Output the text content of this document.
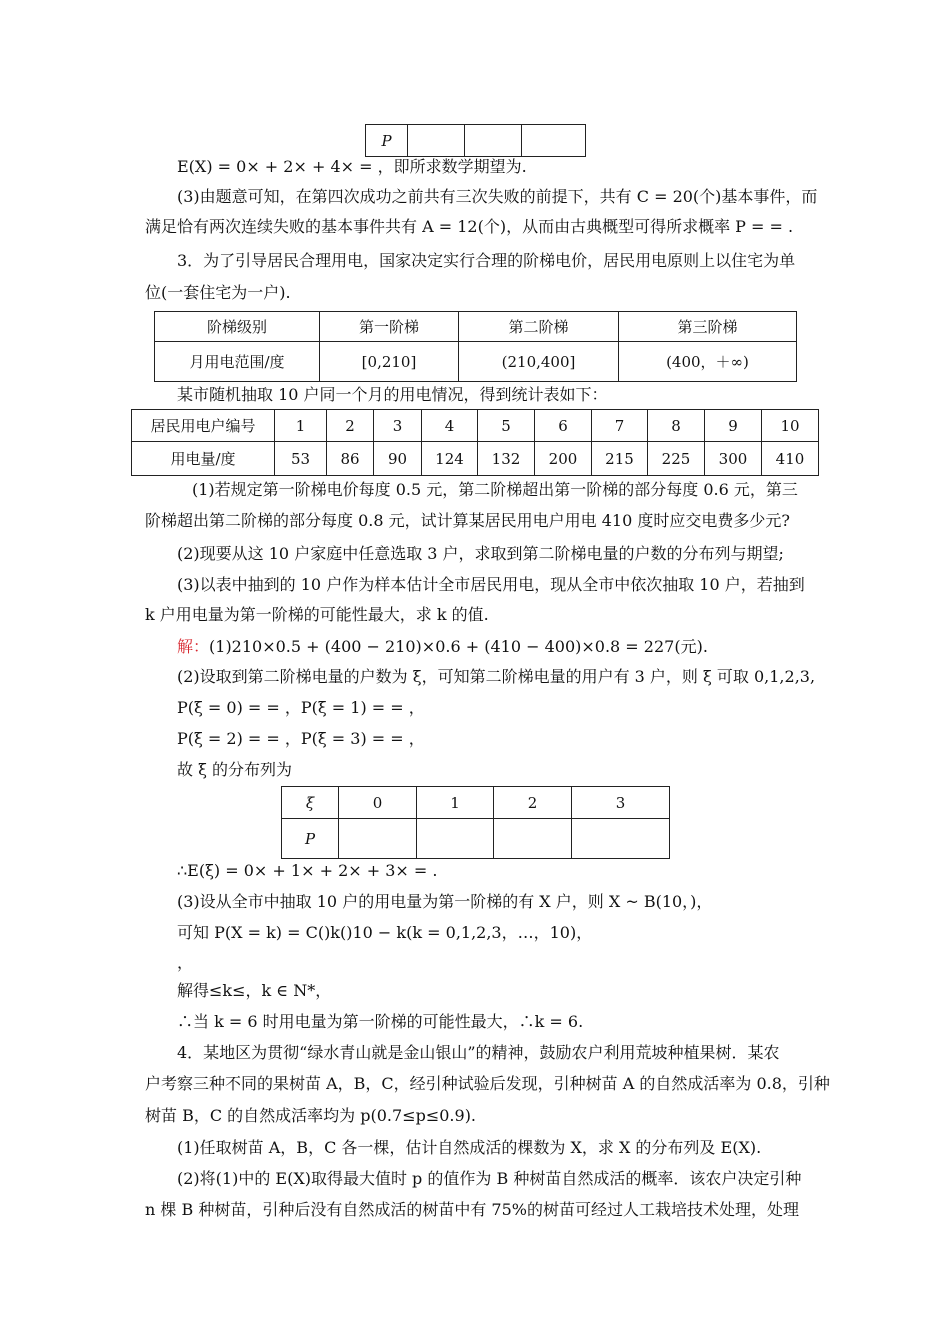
P			
E(X) = 0× + 2× + 4× = ，即所求数学期望为.
(3)由题意可知，在第四次成功之前共有三次失败的前提下，共有 C = 20(个)基本事件，而
满足恰有两次连续失败的基本事件共有 A = 12(个)，从而由古典概型可得所求概率 P = = .
3．为了引导居民合理用电，国家决定实行合理的阶梯电价，居民用电原则上以住宅为单
位(一套住宅为一户).
阶梯级别	第一阶梯	第二阶梯	第三阶梯
月用电范围/度	[0,210]	(210,400]	(400，＋∞)
某市随机抽取 10 户同一个月的用电情况，得到统计表如下：
居民用电户编号	1	2	3	4	5	6	7	8	9	10
用电量/度	53	86	90	124	132	200	215	225	300	410
(1)若规定第一阶梯电价每度 0.5 元，第二阶梯超出第一阶梯的部分每度 0.6 元，第三
阶梯超出第二阶梯的部分每度 0.8 元，试计算某居民用电户用电 410 度时应交电费多少元?
(2)现要从这 10 户家庭中任意选取 3 户，求取到第二阶梯电量的户数的分布列与期望;
(3)以表中抽到的 10 户作为样本估计全市居民用电，现从全市中依次抽取 10 户，若抽到
k 户用电量为第一阶梯的可能性最大，求 k 的值.
解：(1)210×0.5 + (400 − 210)×0.6 + (410 − 400)×0.8 = 227(元).
(2)设取到第二阶梯电量的户数为 ξ，可知第二阶梯电量的用户有 3 户，则 ξ 可取 0,1,2,3,
P(ξ = 0) = = ，P(ξ = 1) = = ，
P(ξ = 2) = = ，P(ξ = 3) = = ，
故 ξ 的分布列为
ξ	0	1	2	3
P				
∴E(ξ) = 0× + 1× + 2× + 3× = .
(3)设从全市中抽取 10 户的用电量为第一阶梯的有 X 户，则 X ~ B(10，)，
可知 P(X = k) = C()k()10 − k(k = 0,1,2,3，…，10)，
，
解得≤k≤，k ∈ N*，
∴当 k = 6 时用电量为第一阶梯的可能性最大，∴k = 6.
4．某地区为贯彻“绿水青山就是金山银山”的精神，鼓励农户利用荒坡种植果树．某农
户考察三种不同的果树苗 A，B，C，经引种试验后发现，引种树苗 A 的自然成活率为 0.8，引种
树苗 B，C 的自然成活率均为 p(0.7≤p≤0.9).
(1)任取树苗 A，B，C 各一棵，估计自然成活的棵数为 X，求 X 的分布列及 E(X).
(2)将(1)中的 E(X)取得最大值时 p 的值作为 B 种树苗自然成活的概率．该农户决定引种
n 棵 B 种树苗，引种后没有自然成活的树苗中有 75%的树苗可经过人工栽培技术处理，处理
